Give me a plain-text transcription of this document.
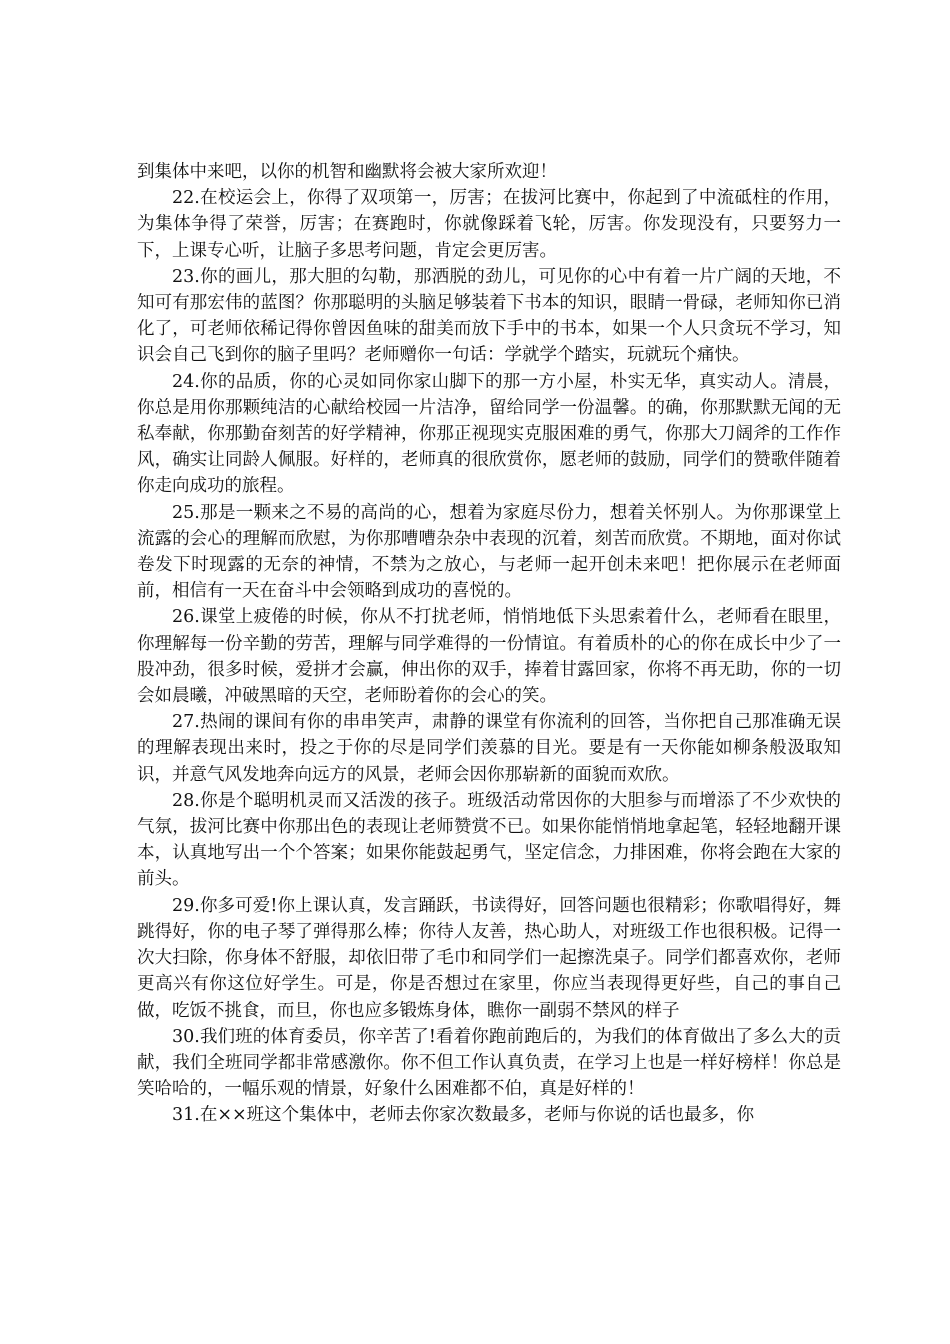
到集体中来吧，以你的机智和幽默将会被大家所欢迎！

22.在校运会上，你得了双项第一，厉害；在拔河比赛中，你起到了中流砥柱的作用，为集体争得了荣誉，厉害；在赛跑时，你就像踩着飞轮，厉害。你发现没有，只要努力一下，上课专心听，让脑子多思考问题，肯定会更厉害。

23.你的画儿，那大胆的勾勒，那洒脱的劲儿，可见你的心中有着一片广阔的天地，不知可有那宏伟的蓝图？你那聪明的头脑足够装着下书本的知识，眼睛一骨碌，老师知你已消化了，可老师依稀记得你曾因鱼味的甜美而放下手中的书本，如果一个人只贪玩不学习，知识会自己飞到你的脑子里吗？老师赠你一句话：学就学个踏实，玩就玩个痛快。

24.你的品质，你的心灵如同你家山脚下的那一方小屋，朴实无华，真实动人。清晨，你总是用你那颗纯洁的心献给校园一片洁净，留给同学一份温馨。的确，你那默默无闻的无私奉献，你那勤奋刻苦的好学精神，你那正视现实克服困难的勇气，你那大刀阔斧的工作作风，确实让同龄人佩服。好样的，老师真的很欣赏你，愿老师的鼓励，同学们的赞歌伴随着你走向成功的旅程。

25.那是一颗来之不易的高尚的心，想着为家庭尽份力，想着关怀别人。为你那课堂上流露的会心的理解而欣慰，为你那嘈嘈杂杂中表现的沉着，刻苦而欣赏。不期地，面对你试卷发下时现露的无奈的神情，不禁为之放心，与老师一起开创未来吧！把你展示在老师面前，相信有一天在奋斗中会领略到成功的喜悦的。

26.课堂上疲倦的时候，你从不打扰老师，悄悄地低下头思索着什么，老师看在眼里，你理解每一份辛勤的劳苦，理解与同学难得的一份情谊。有着质朴的心的你在成长中少了一股冲劲，很多时候，爱拼才会赢，伸出你的双手，捧着甘露回家，你将不再无助，你的一切会如晨曦，冲破黑暗的天空，老师盼着你的会心的笑。

27.热闹的课间有你的串串笑声，肃静的课堂有你流利的回答，当你把自己那准确无误的理解表现出来时，投之于你的尽是同学们羡慕的目光。要是有一天你能如柳条般汲取知识，并意气风发地奔向远方的风景，老师会因你那崭新的面貌而欢欣。

28.你是个聪明机灵而又活泼的孩子。班级活动常因你的大胆参与而增添了不少欢快的气氛，拔河比赛中你那出色的表现让老师赞赏不已。如果你能悄悄地拿起笔，轻轻地翻开课本，认真地写出一个个答案；如果你能鼓起勇气，坚定信念，力排困难，你将会跑在大家的前头。

29.你多可爱!你上课认真，发言踊跃，书读得好，回答问题也很精彩；你歌唱得好，舞跳得好，你的电子琴了弹得那么棒；你待人友善，热心助人，对班级工作也很积极。记得一次大扫除，你身体不舒服，却依旧带了毛巾和同学们一起擦洗桌子。同学们都喜欢你，老师更高兴有你这位好学生。可是，你是否想过在家里，你应当表现得更好些，自己的事自己做，吃饭不挑食，而旦，你也应多锻炼身体，瞧你一副弱不禁风的样子

30.我们班的体育委员，你辛苦了!看着你跑前跑后的，为我们的体育做出了多么大的贡献，我们全班同学都非常感激你。你不但工作认真负责，在学习上也是一样好榜样！你总是笑哈哈的，一幅乐观的情景，好象什么困难都不伯，真是好样的！

31.在××班这个集体中，老师去你家次数最多，老师与你说的话也最多，你
